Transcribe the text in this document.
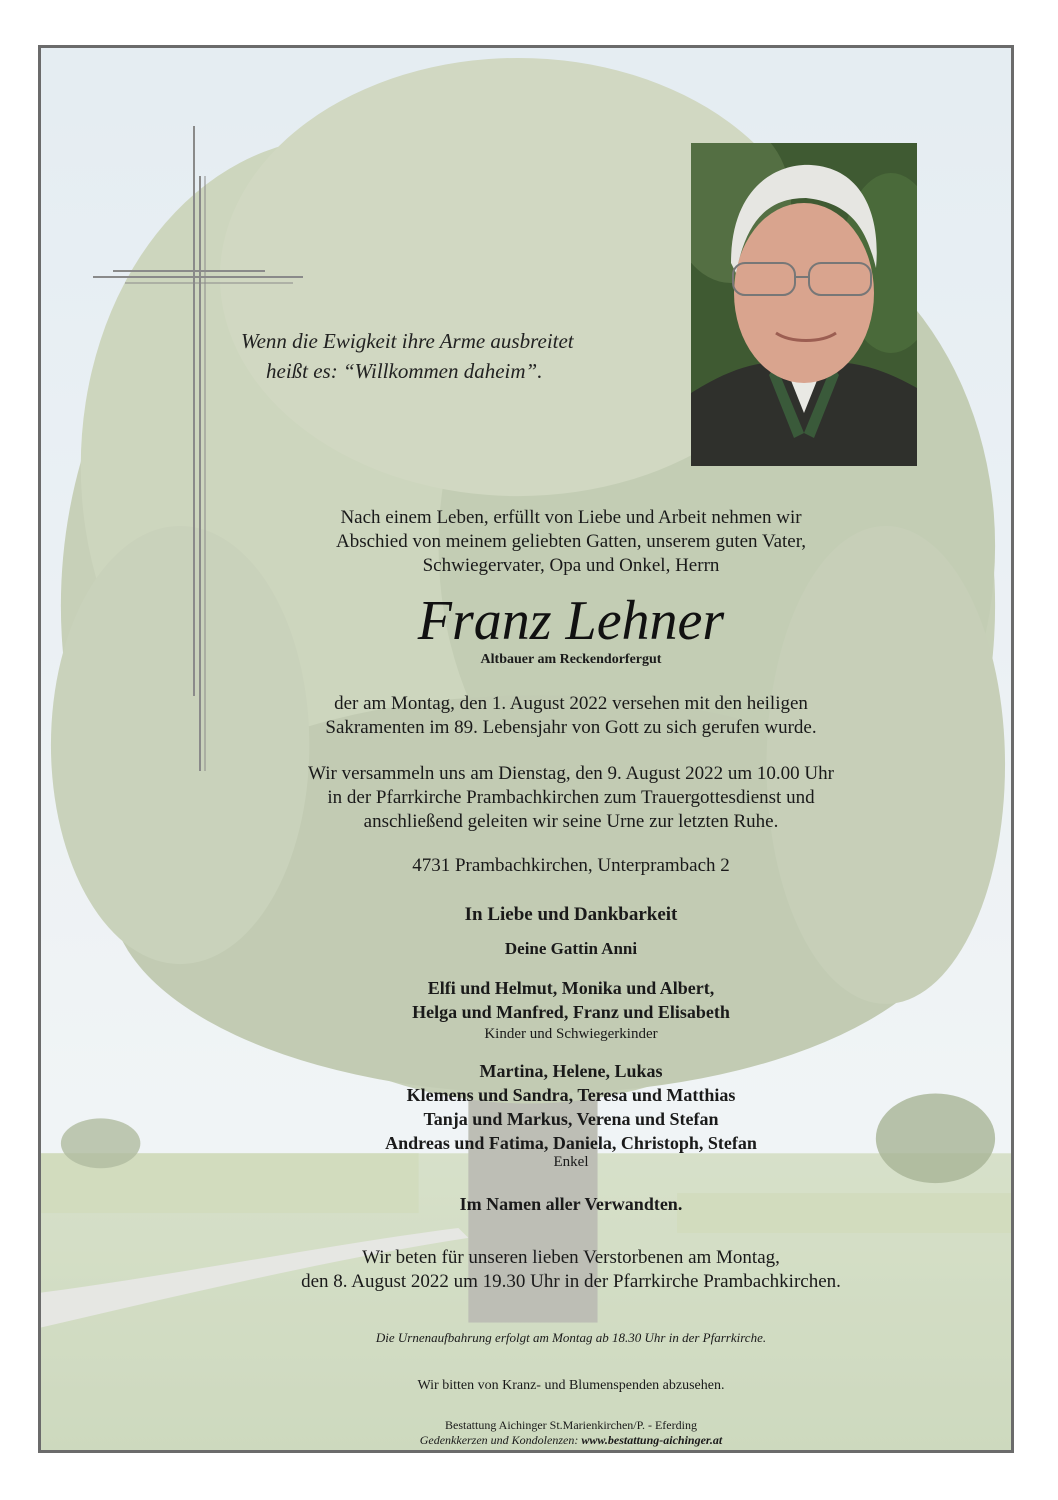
Wenn die Ewigkeit ihre Arme ausbreitet
heißt es: “Willkommen daheim”.
Nach einem Leben, erfüllt von Liebe und Arbeit nehmen wir
Abschied von meinem geliebten Gatten, unserem guten Vater,
Schwiegervater, Opa und Onkel, Herrn
Franz Lehner
Altbauer am Reckendorfergut
der am Montag, den 1. August 2022 versehen mit den heiligen
Sakramenten im 89. Lebensjahr von Gott zu sich gerufen wurde.
Wir versammeln uns am Dienstag, den 9. August 2022 um 10.00 Uhr
in der Pfarrkirche Prambachkirchen zum Trauergottesdienst und
anschließend geleiten wir seine Urne zur letzten Ruhe.
4731 Prambachkirchen, Unterprambach 2
In Liebe und Dankbarkeit
Deine Gattin Anni
Elfi und Helmut, Monika und Albert,
Helga und Manfred, Franz und Elisabeth
Kinder und Schwiegerkinder
Martina, Helene, Lukas
Klemens und Sandra, Teresa und Matthias
Tanja und Markus, Verena und Stefan
Andreas und Fatima, Daniela, Christoph, Stefan
Enkel
Im Namen aller Verwandten.
Wir beten für unseren lieben Verstorbenen am Montag,
den 8. August 2022 um 19.30 Uhr in der Pfarrkirche Prambachkirchen.
Die Urnenaufbahrung erfolgt am Montag ab 18.30 Uhr in der Pfarrkirche.
Wir bitten von Kranz- und Blumenspenden abzusehen.
Bestattung Aichinger St.Marienkirchen/P. - Eferding
Gedenkkerzen und Kondolenzen: www.bestattung-aichinger.at
